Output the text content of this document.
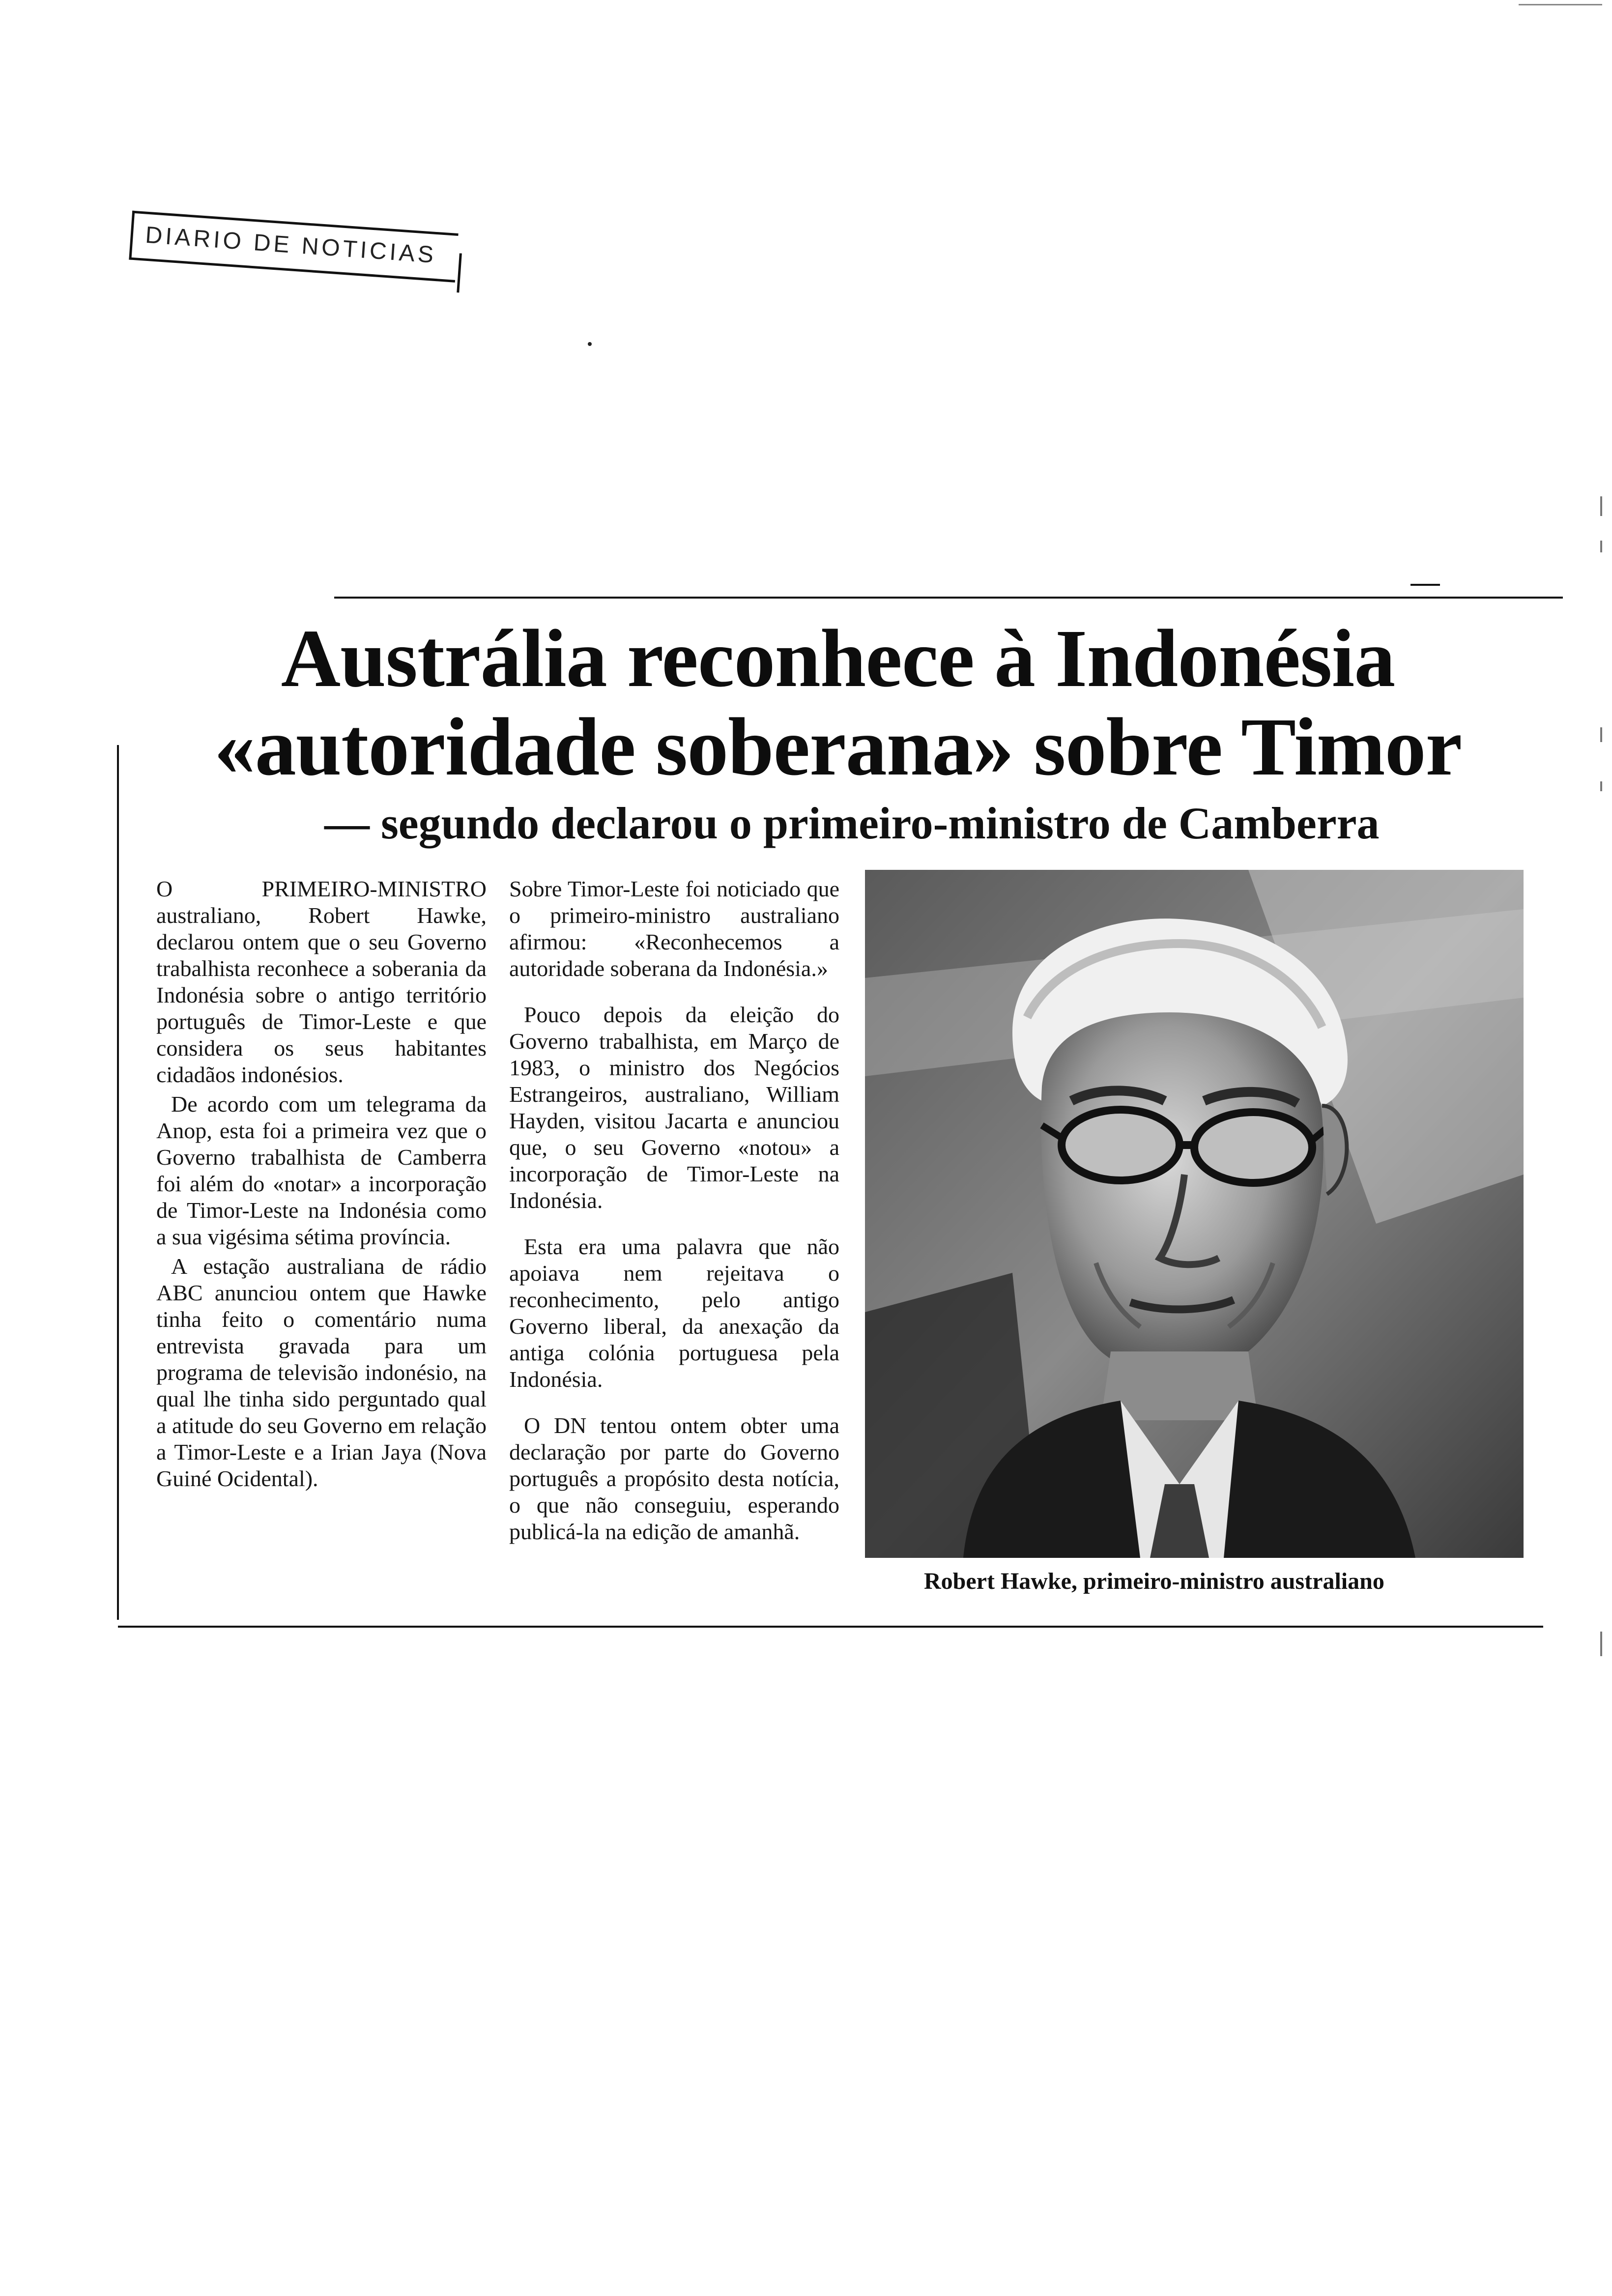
DIARIO DE NOTICIAS
Austrália reconhece à Indonésia
«autoridade soberana» sobre Timor
— segundo declarou o primeiro-ministro de Camberra

O PRIMEIRO-MINISTRO australiano, Robert Hawke, declarou ontem que o seu Governo trabalhista reconhece a soberania da Indonésia sobre o antigo território português de Timor-Leste e que considera os seus habitantes cidadãos indonésios.

De acordo com um telegrama da Anop, esta foi a primeira vez que o Governo trabalhista de Camberra foi além do «notar» a incorporação de Timor-Leste na Indonésia como a sua vigésima sétima província.

A estação australiana de rádio ABC anunciou ontem que Hawke tinha feito o comentário numa entrevista gravada para um programa de televisão indonésio, na qual lhe tinha sido perguntado qual a atitude do seu Governo em relação a Timor-Leste e a Irian Jaya (Nova Guiné Ocidental).

Sobre Timor-Leste foi noticiado que o primeiro-ministro australiano afirmou: «Reconhecemos a autoridade soberana da Indonésia.»

Pouco depois da eleição do Governo trabalhista, em Março de 1983, o ministro dos Negócios Estrangeiros, australiano, William Hayden, visitou Jacarta e anunciou que, o seu Governo «notou» a incorporação de Timor-Leste na Indonésia.

Esta era uma palavra que não apoiava nem rejeitava o reconhecimento, pelo antigo Governo liberal, da anexação da antiga colónia portuguesa pela Indonésia.

O DN tentou ontem obter uma declaração por parte do Governo português a propósito desta notícia, o que não conseguiu, esperando publicá-la na edição de amanhã.

Robert Hawke, primeiro-ministro australiano
